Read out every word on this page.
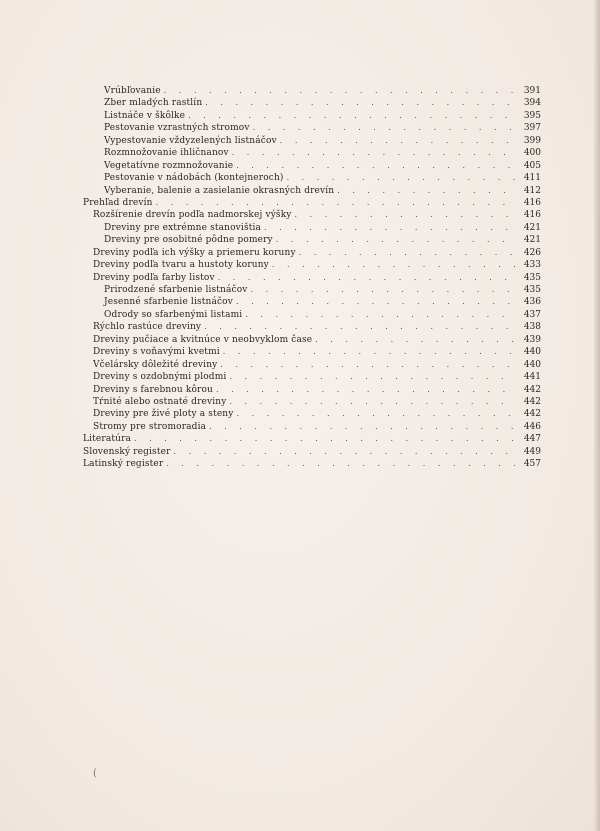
Vrúbľovanie . . .	391
Zber mladých rastlín . . .	394
Listnáče v škôlke . . .	395
Pestovanie vzrastných stromov . . .	397
Vypestovanie vždyzelených listnáčov . . .	399
Rozmnožovanie ihličnanov . . .	400
Vegetatívne rozmnožovanie . . .	405
Pestovanie v nádobách (kontejneroch) . . .	411
Vyberanie, balenie a zasielanie okrasných drevín . . .	412
Prehľad drevín . . .	416
Rozšírenie drevín podľa nadmorskej výšky . . .	416
Dreviny pre extrémne stanovištia . . .	421
Dreviny pre osobitné pôdne pomery . . .	421
Dreviny podľa ich výšky a priemeru koruny . . .	426
Dreviny podľa tvaru a hustoty koruny . . .	433
Dreviny podľa farby listov . . .	435
Prirodzené sfarbenie listnáčov . . .	435
Jesenné sfarbenie listnáčov . . .	436
Odrody so sfarbenými listami . . .	437
Rýchlo rastúce dreviny . . .	438
Dreviny pučiace a kvitnúce v neobvyklom čase . . .	439
Dreviny s voňavými kvetmi . . .	440
Včelársky dôležité dreviny . . .	440
Dreviny s ozdobnými plodmi . . .	441
Dreviny s farebnou kôrou . . .	442
Tŕnité alebo ostnaté dreviny . . .	442
Dreviny pre živé ploty a steny . . .	442
Stromy pre stromoradia . . .	446
Literatúra . . .	447
Slovenský register . . .	449
Latinský register . . .	457
(
